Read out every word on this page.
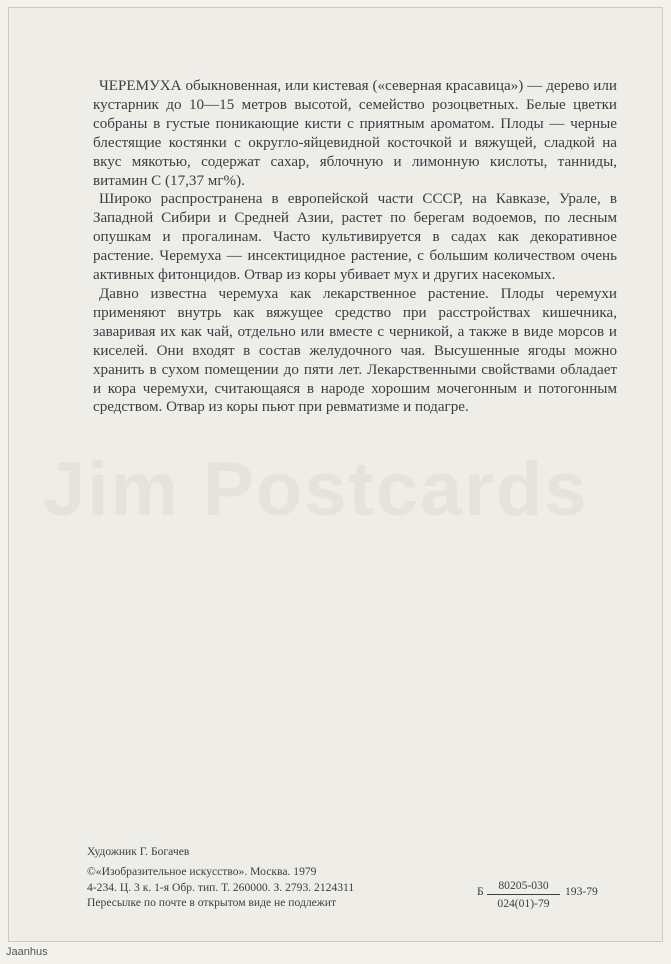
Jim Postcards

ЧЕРЕМУХА обыкновенная, или кистевая («северная красавица») — дерево или кустарник до 10—15 метров высотой, семейство розоцветных. Белые цветки собраны в густые поникающие кисти с приятным ароматом. Плоды — черные блестящие костянки с округло-яйцевидной косточкой и вяжущей, сладкой на вкус мякотью, содержат сахар, яблочную и лимонную кислоты, танниды, витамин С (17,37 мг%).

Широко распространена в европейской части СССР, на Кавказе, Урале, в Западной Сибири и Средней Азии, растет по берегам водоемов, по лесным опушкам и прогалинам. Часто культивируется в садах как декоративное растение. Черемуха — инсектицидное растение, с большим количеством очень активных фитонцидов. Отвар из коры убивает мух и других насекомых.

Давно известна черемуха как лекарственное растение. Плоды черемухи применяют внутрь как вяжущее средство при расстройствах кишечника, заваривая их как чай, отдельно или вместе с черникой, а также в виде морсов и киселей. Они входят в состав желудочного чая. Высушенные ягоды можно хранить в сухом помещении до пяти лет. Лекарственными свойствами обладает и кора черемухи, считающаяся в народе хорошим мочегонным и потогонным средством. Отвар из коры пьют при ревматизме и подагре.

Художник Г. Богачев
©«Изобразительное искусство». Москва. 1979
4-234. Ц. 3 к. 1-я Обр. тип. Т. 260000. З. 2793. 2124311
Пересылке по почте в открытом виде не подлежит
Б $\frac{80205-030}{024(01)-79} 193-79$
Jaanhus
